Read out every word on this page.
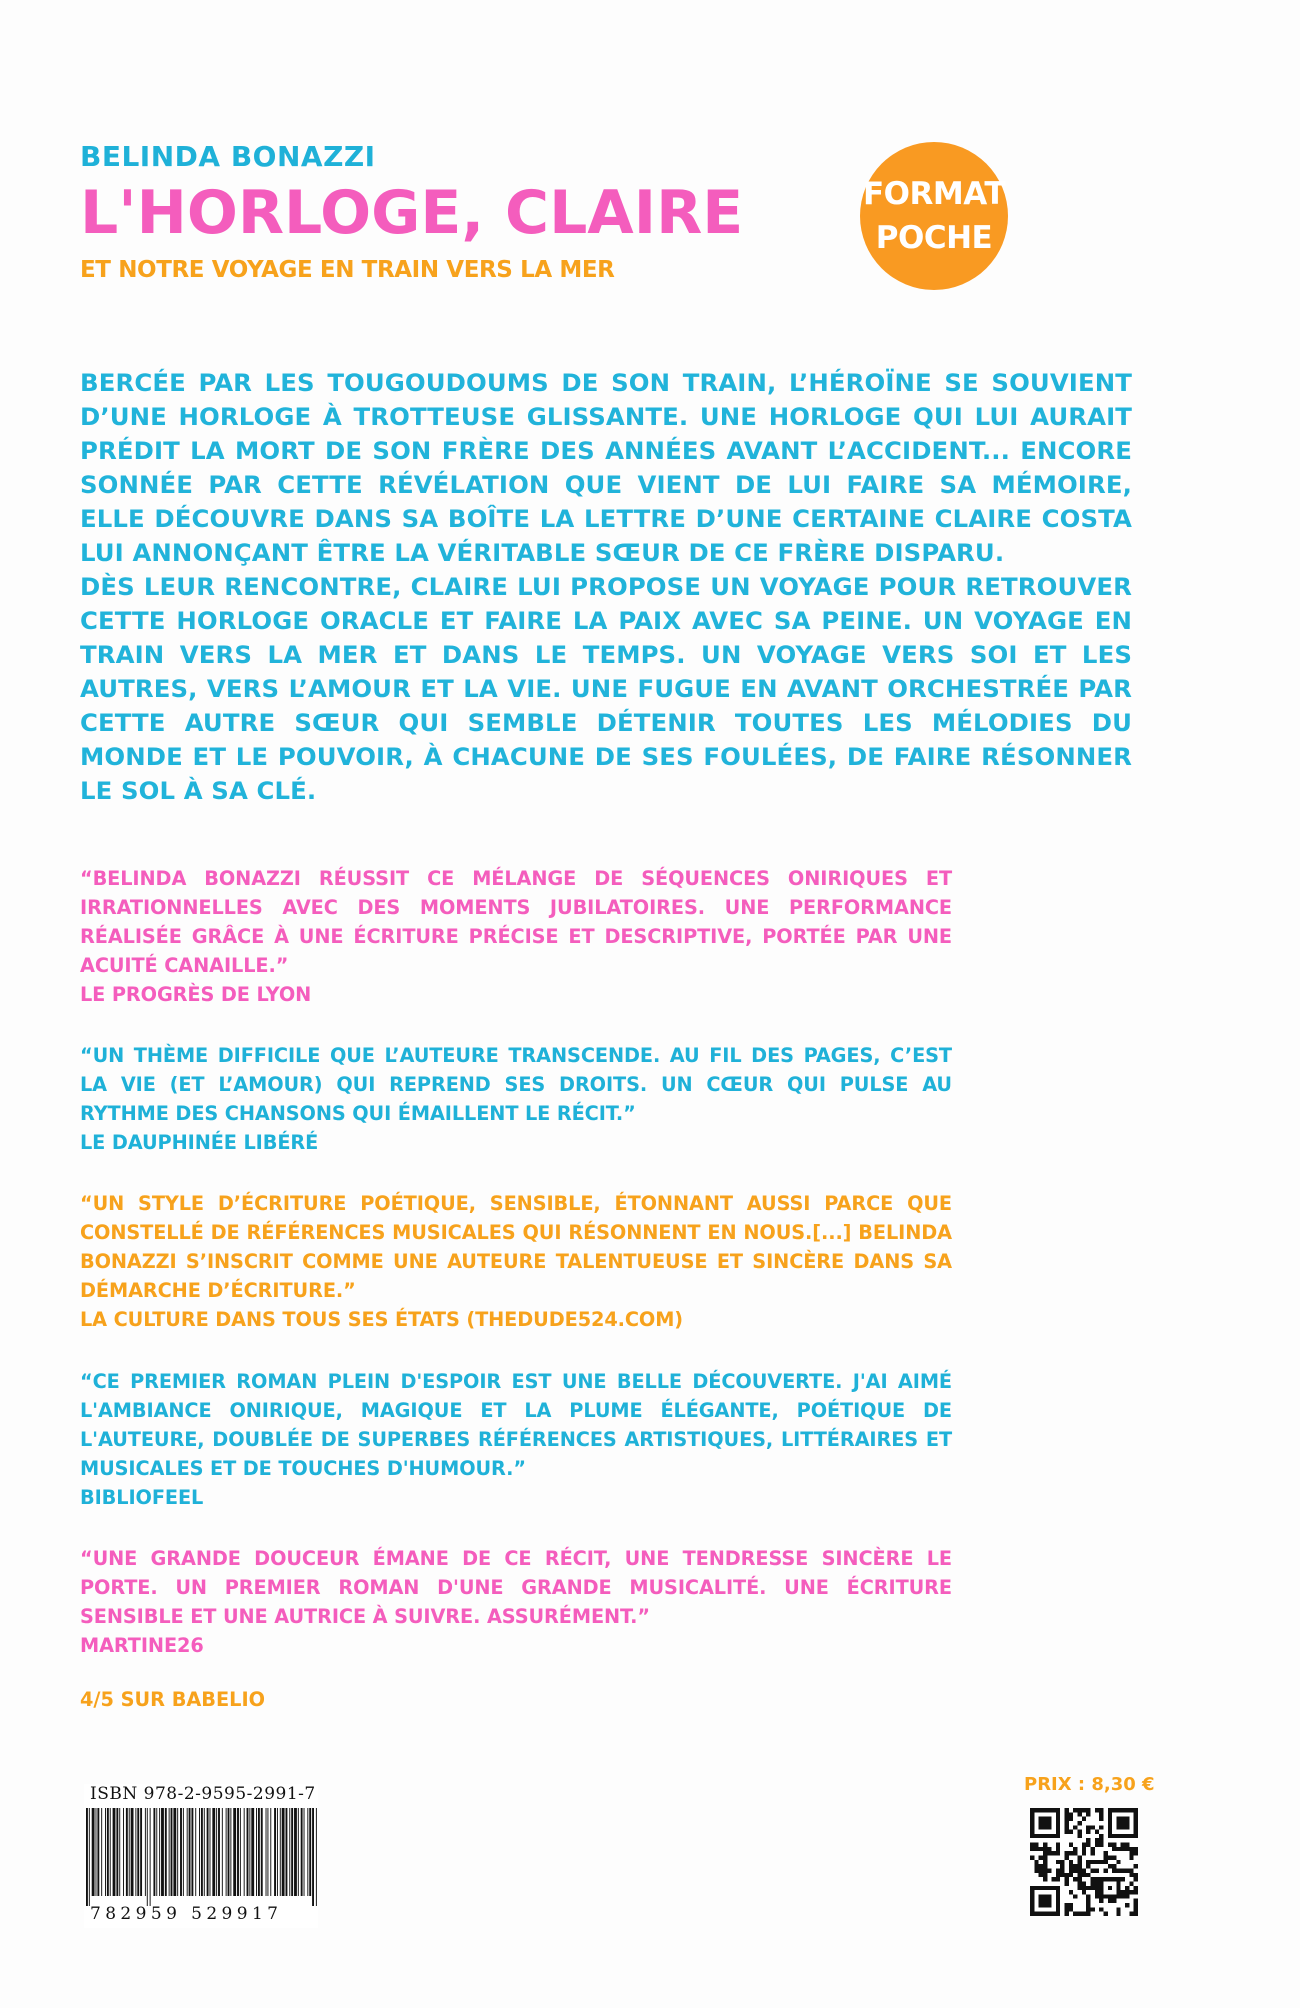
BELINDA BONAZZI
L'HORLOGE, CLAIRE
ET NOTRE VOYAGE EN TRAIN VERS LA MER
FORMAT
POCHE

BERCÉE PAR LES TOUGOUDOUMS DE SON TRAIN, L’HÉROÏNE SE SOUVIENT D’UNE HORLOGE À TROTTEUSE GLISSANTE. UNE HORLOGE QUI LUI AURAIT PRÉDIT LA MORT DE SON FRÈRE DES ANNÉES AVANT L’ACCIDENT... ENCORE SONNÉE PAR CETTE RÉVÉLATION QUE VIENT DE LUI FAIRE SA MÉMOIRE, ELLE DÉCOUVRE DANS SA BOÎTE LA LETTRE D’UNE CERTAINE CLAIRE COSTA LUI ANNONÇANT ÊTRE LA VÉRITABLE SŒUR DE CE FRÈRE DISPARU.

DÈS LEUR RENCONTRE, CLAIRE LUI PROPOSE UN VOYAGE POUR RETROUVER CETTE HORLOGE ORACLE ET FAIRE LA PAIX AVEC SA PEINE. UN VOYAGE EN TRAIN VERS LA MER ET DANS LE TEMPS. UN VOYAGE VERS SOI ET LES AUTRES, VERS L’AMOUR ET LA VIE. UNE FUGUE EN AVANT ORCHESTRÉE PAR CETTE AUTRE SŒUR QUI SEMBLE DÉTENIR TOUTES LES MÉLODIES DU MONDE ET LE POUVOIR, À CHACUNE DE SES FOULÉES, DE FAIRE RÉSONNER LE SOL À SA CLÉ.

“BELINDA BONAZZI RÉUSSIT CE MÉLANGE DE SÉQUENCES ONIRIQUES ET IRRATIONNELLES AVEC DES MOMENTS JUBILATOIRES. UNE PERFORMANCE RÉALISÉE GRÂCE À UNE ÉCRITURE PRÉCISE ET DESCRIPTIVE, PORTÉE PAR UNE ACUITÉ CANAILLE.”

LE PROGRÈS DE LYON

“UN THÈME DIFFICILE QUE L’AUTEURE TRANSCENDE. AU FIL DES PAGES, C’EST LA VIE (ET L’AMOUR) QUI REPREND SES DROITS. UN CŒUR QUI PULSE AU RYTHME DES CHANSONS QUI ÉMAILLENT LE RÉCIT.”

LE DAUPHINÉE LIBÉRÉ

“UN STYLE D’ÉCRITURE POÉTIQUE, SENSIBLE, ÉTONNANT AUSSI PARCE QUE CONSTELLÉ DE RÉFÉRENCES MUSICALES QUI RÉSONNENT EN NOUS.[...] BELINDA BONAZZI S’INSCRIT COMME UNE AUTEURE TALENTUEUSE ET SINCÈRE DANS SA DÉMARCHE D’ÉCRITURE.”

LA CULTURE DANS TOUS SES ÉTATS (THEDUDE524.COM)

“CE PREMIER ROMAN PLEIN D'ESPOIR EST UNE BELLE DÉCOUVERTE. J'AI AIMÉ L'AMBIANCE ONIRIQUE, MAGIQUE ET LA PLUME ÉLÉGANTE, POÉTIQUE DE L'AUTEURE, DOUBLÉE DE SUPERBES RÉFÉRENCES ARTISTIQUES, LITTÉRAIRES ET MUSICALES ET DE TOUCHES D'HUMOUR.”

BIBLIOFEEL

“UNE GRANDE DOUCEUR ÉMANE DE CE RÉCIT, UNE TENDRESSE SINCÈRE LE PORTE. UN PREMIER ROMAN D'UNE GRANDE MUSICALITÉ. UNE ÉCRITURE SENSIBLE ET UNE AUTRICE À SUIVRE. ASSURÉMENT.”

MARTINE26

4/5 SUR BABELIO
ISBN 978-2-9595-2991-7
782959 529917
PRIX : 8,30 €
